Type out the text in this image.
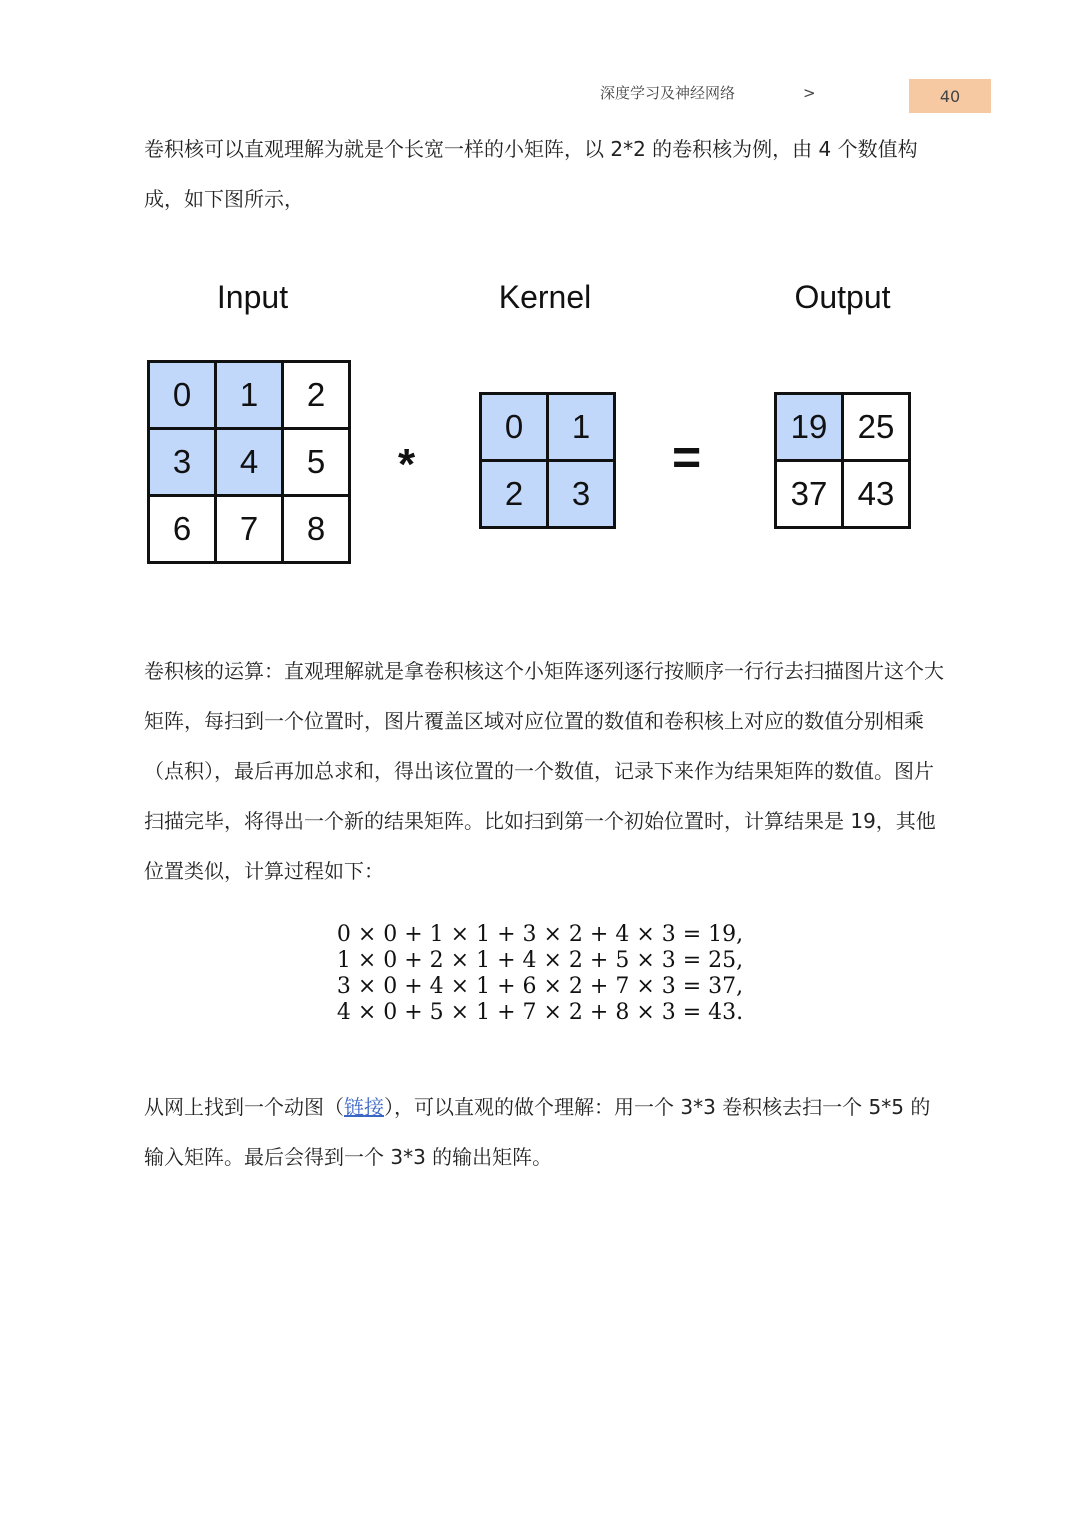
深度学习及神经网络	>	40

卷积核可以直观理解为就是个长宽一样的小矩阵，以 2*2 的卷积核为例，由 4 个数值构成，如下图所示，

Input	Kernel	Output
0	1	2
3	4	5
6	7	8
*
0	1
2	3
=
19 25
37 43

卷积核的运算：直观理解就是拿卷积核这个小矩阵逐列逐行按顺序一行行去扫描图片这个大矩阵，每扫到一个位置时，图片覆盖区域对应位置的数值和卷积核上对应的数值分别相乘（点积），最后再加总求和，得出该位置的一个数值，记录下来作为结果矩阵的数值。图片扫描完毕，将得出一个新的结果矩阵。比如扫到第一个初始位置时，计算结果是 19，其他位置类似，计算过程如下：

0 × 0 + 1 × 1 + 3 × 2 + 4 × 3 = 19,
1 × 0 + 2 × 1 + 4 × 2 + 5 × 3 = 25,
3 × 0 + 4 × 1 + 6 × 2 + 7 × 3 = 37,
4 × 0 + 5 × 1 + 7 × 2 + 8 × 3 = 43.

从网上找到一个动图（链接），可以直观的做个理解：用一个 3*3 卷积核去扫一个 5*5 的输入矩阵。最后会得到一个 3*3 的输出矩阵。
